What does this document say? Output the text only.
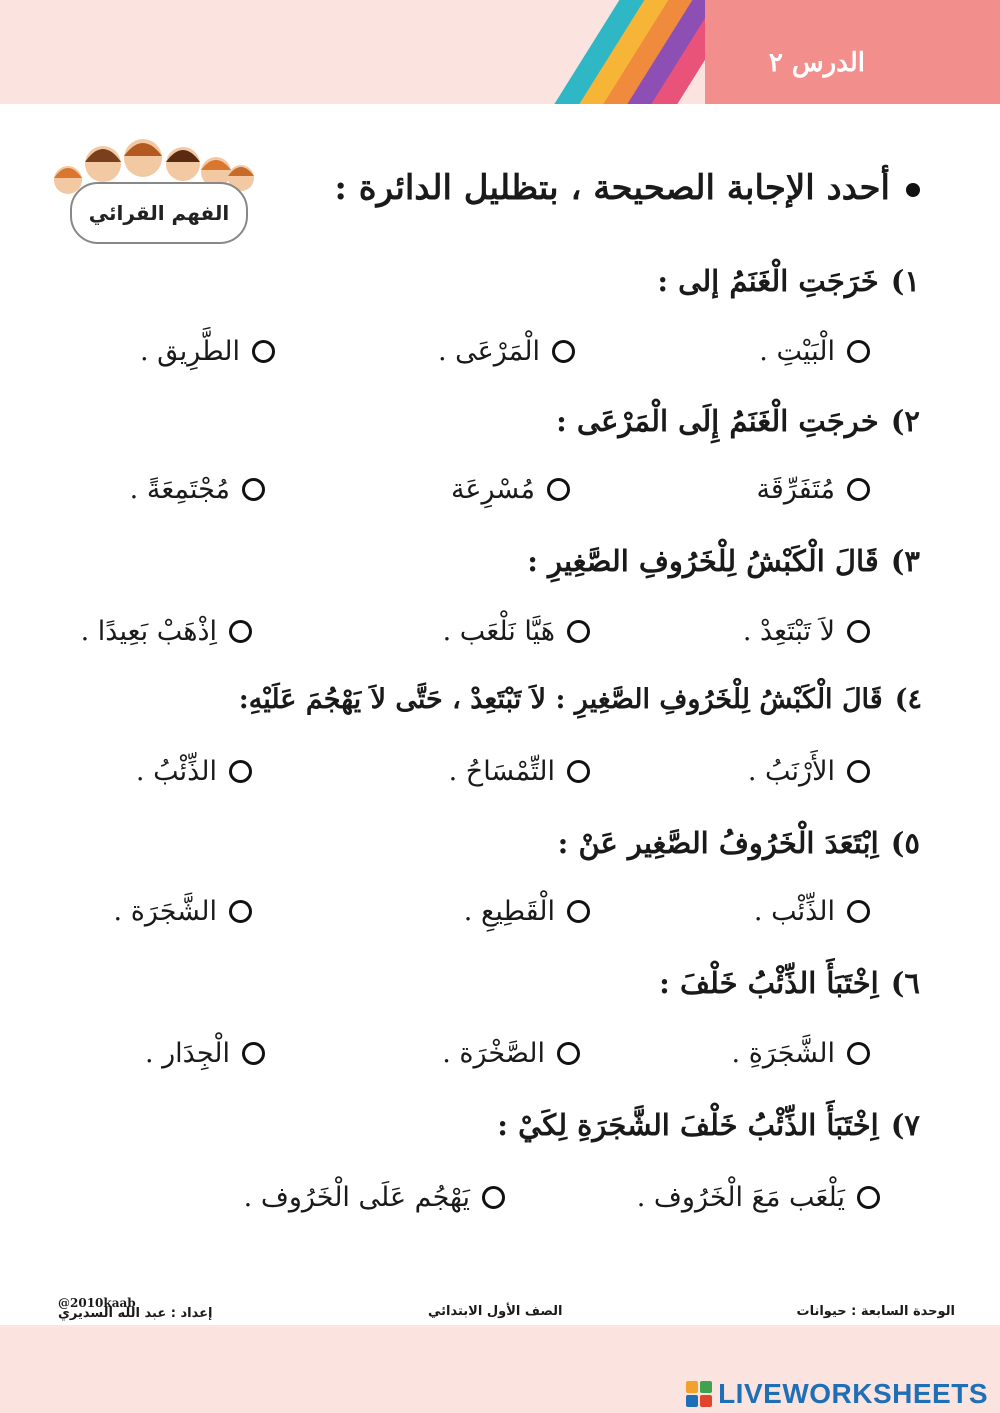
الدرس ٢
الفهم القرائي
أحدد الإجابة الصحيحة ، بتظليل الدائرة :
١)خَرَجَتِ الْغَنَمُ إلى :
الْبَيْتِ .
الْمَرْعَى .
الطَّرِيق .
٢)خرجَتِ الْغَنَمُ إِلَى الْمَرْعَى :
مُتَفَرِّقَة
مُسْرِعَة
مُجْتَمِعَةً .
٣)قَالَ الْكَبْشُ لِلْخَرُوفِ الصَّغِيرِ :
لاَ تَبْتَعِدْ .
هَيَّا نَلْعَب .
اِذْهَبْ بَعِيدًا .
٤)قَالَ الْكَبْشُ لِلْخَرُوفِ الصَّغِيرِ : لاَ تَبْتَعِدْ ، حَتَّى لاَ يَهْجُمَ عَلَيْهِ:
الأَرْنَبُ .
التِّمْسَاحُ .
الذِّئْبُ .
٥)اِبْتَعَدَ الْخَرُوفُ الصَّغِير عَنْ :
الذِّئْب .
الْقَطِيعِ .
الشَّجَرَة .
٦)اِخْتَبَأَ الذِّئْبُ خَلْفَ :
الشَّجَرَةِ .
الصَّخْرَة .
الْجِدَار .
٧)اِخْتَبَأَ الذِّئْبُ خَلْفَ الشَّجَرَةِ لِكَيْ :
يَلْعَب مَعَ الْخَرُوف .
يَهْجُم عَلَى الْخَرُوف .
@2010kaab
الوحدة السابعة : حيوانات
الصف الأول الابتدائي
إعداد : عبد الله السديري
LIVEWORKSHEETS
